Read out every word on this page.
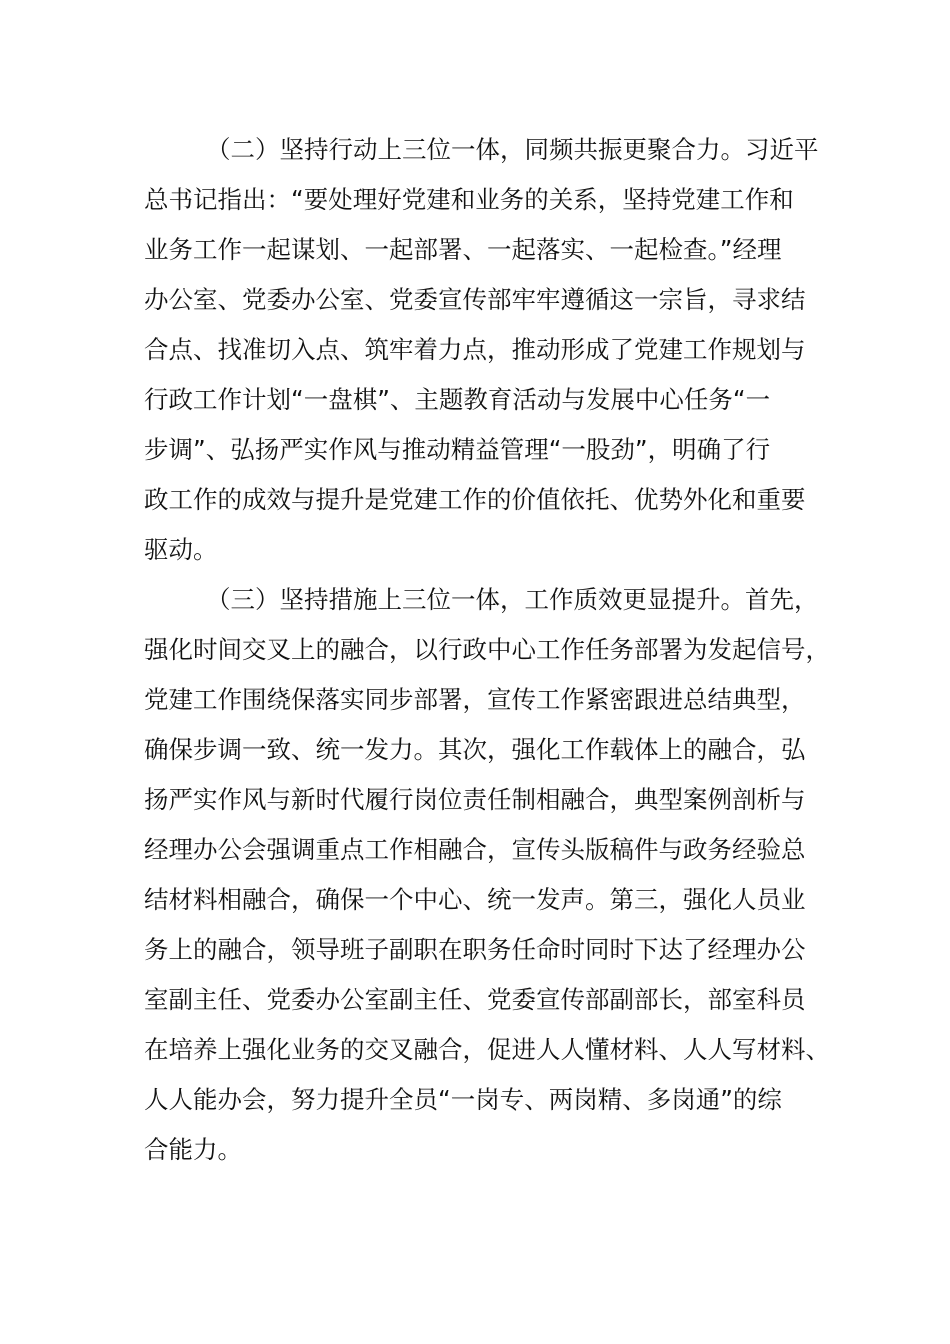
（二）坚持行动上三位一体，同频共振更聚合力。习近平
总书记指出：“要处理好党建和业务的关系，坚持党建工作和
业务工作一起谋划、一起部署、一起落实、一起检查。”经理
办公室、党委办公室、党委宣传部牢牢遵循这一宗旨，寻求结
合点、找准切入点、筑牢着力点，推动形成了党建工作规划与
行政工作计划“一盘棋”、主题教育活动与发展中心任务“一
步调”、弘扬严实作风与推动精益管理“一股劲”，明确了行
政工作的成效与提升是党建工作的价值依托、优势外化和重要
驱动。
（三）坚持措施上三位一体，工作质效更显提升。首先，
强化时间交叉上的融合，以行政中心工作任务部署为发起信号，
党建工作围绕保落实同步部署，宣传工作紧密跟进总结典型，
确保步调一致、统一发力。其次，强化工作载体上的融合，弘
扬严实作风与新时代履行岗位责任制相融合，典型案例剖析与
经理办公会强调重点工作相融合，宣传头版稿件与政务经验总
结材料相融合，确保一个中心、统一发声。第三，强化人员业
务上的融合，领导班子副职在职务任命时同时下达了经理办公
室副主任、党委办公室副主任、党委宣传部副部长，部室科员
在培养上强化业务的交叉融合，促进人人懂材料、人人写材料、
人人能办会，努力提升全员“一岗专、两岗精、多岗通”的综
合能力。
